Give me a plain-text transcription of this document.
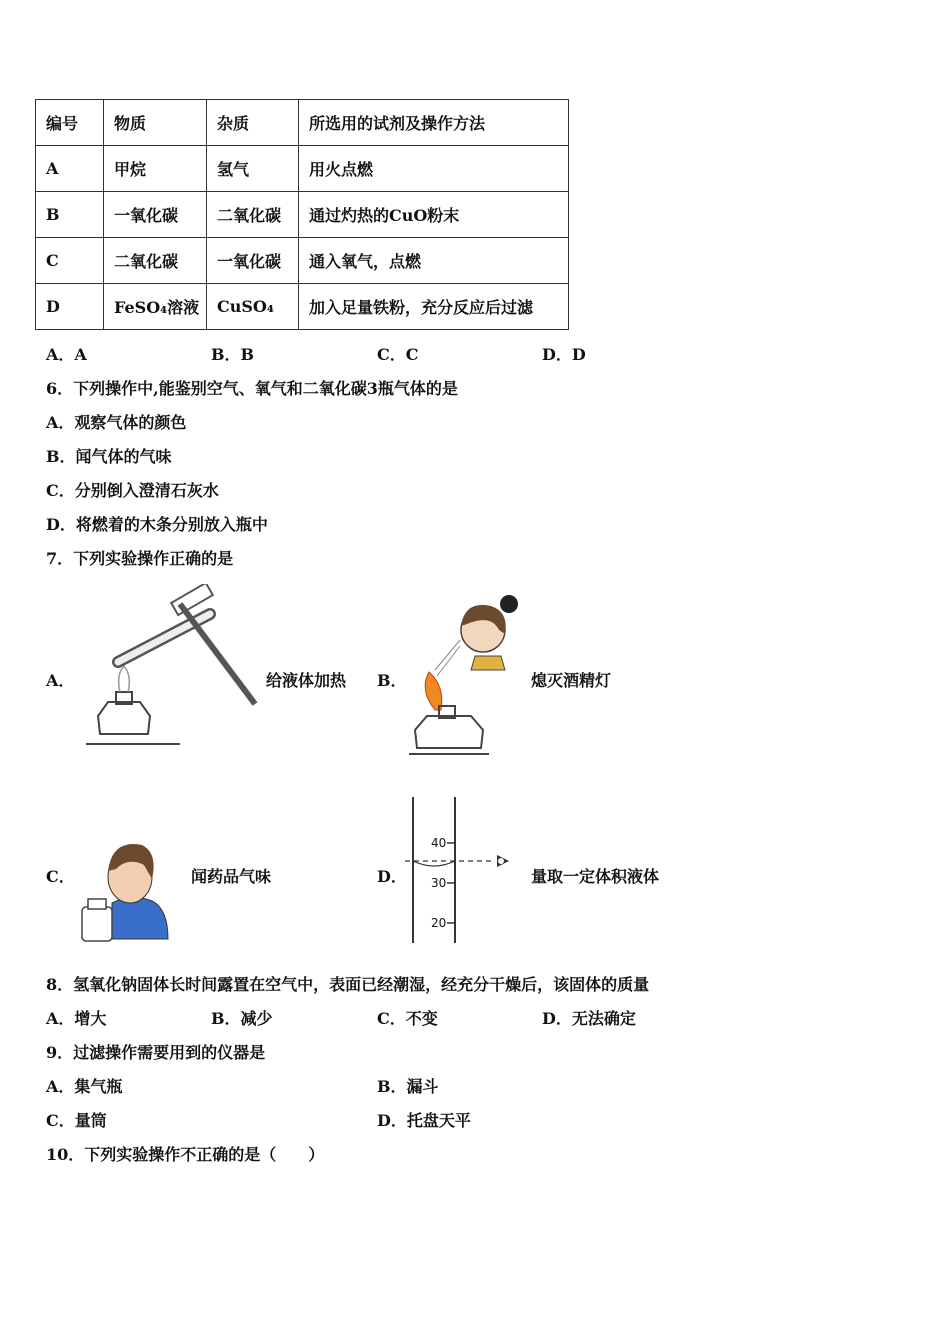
编号	物质	杂质	所选用的试剂及操作方法
A	甲烷	氢气	用火点燃
B	一氧化碳	二氧化碳	通过灼热的CuO粉末
C	二氧化碳	一氧化碳	通入氧气，点燃
D	FeSO₄溶液	CuSO₄	加入足量铁粉，充分反应后过滤
A．A	B．B	C．C	D．D
6．下列操作中,能鉴别空气、氧气和二氧化碳3瓶气体的是
A．观察气体的颜色
B．闻气体的气味
C．分别倒入澄清石灰水
D．将燃着的木条分别放入瓶中
7．下列实验操作正确的是
A．	给液体加热 B．	熄灭酒精灯
C．	闻药品气味	D．
40
30
20
量取一定体积液体
8．氢氧化钠固体长时间露置在空气中，表面已经潮湿，经充分干燥后，该固体的质量
A．增大	B．减少	C．不变	D．无法确定
9．过滤操作需要用到的仪器是
A．集气瓶	B．漏斗
C．量筒	D．托盘天平
10．下列实验操作不正确的是（　　）
